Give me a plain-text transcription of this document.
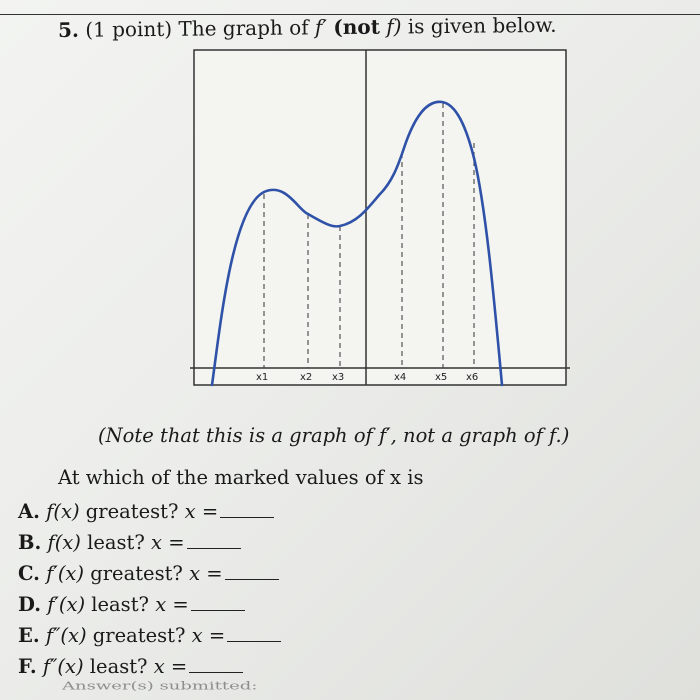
5. (1 point) The graph of f′ (not f) is given below.
x1	x2 x3	x4	x5 x6
(Note that this is a graph of f′, not a graph of f.)
At which of the marked values of x is
A. f(x) greatest? x =
B. f(x) least? x =
C. f′(x) greatest? x =
D. f′(x) least? x =
E. f″(x) greatest? x =
F. f″(x) least? x =
Answer(s) submitted:
